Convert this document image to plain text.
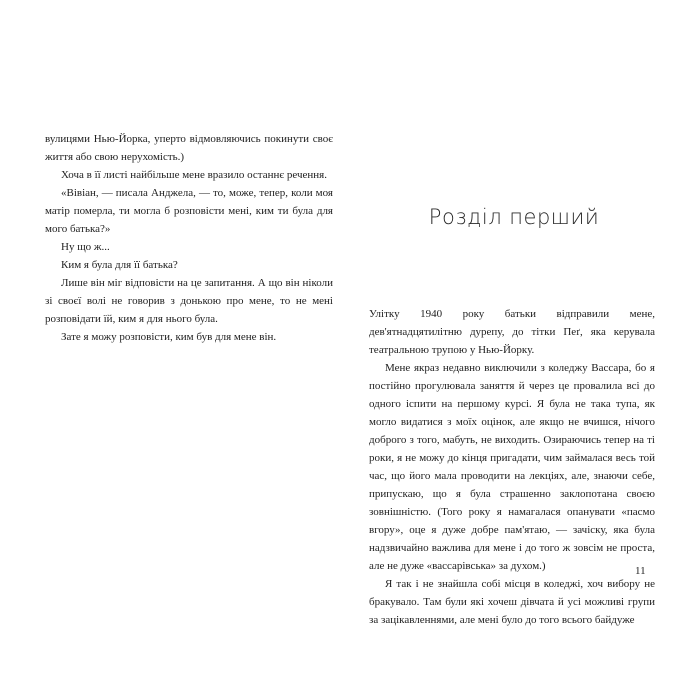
вулицями Нью-Йорка, уперто відмовляючись покинути своє життя або свою нерухомість.)

Хоча в її листі найбільше мене вразило останнє речення.

«Вівіан, — писала Анджела, — то, може, тепер, коли моя матір померла, ти могла б розповісти мені, ким ти була для мого батька?»

Ну що ж...

Ким я була для її батька?

Лише він міг відповісти на це запитання. А що він ніколи зі своєї волі не говорив з донькою про мене, то не мені розповідати їй, ким я для нього була.

Зате я можу розповісти, ким був для мене він.

Розділ перший

Улітку 1940 року батьки відправили мене, дев'ятнадцятилітню дурепу, до тітки Пеґ, яка керувала театральною трупою у Нью-Йорку.

Мене якраз недавно виключили з коледжу Вассара, бо я постійно прогулювала заняття й через це провалила всі до одного іспити на першому курсі. Я була не така тупа, як могло видатися з моїх оцінок, але якщо не вчишся, нічого доброго з того, мабуть, не виходить. Озираючись тепер на ті роки, я не можу до кінця пригадати, чим займалася весь той час, що його мала проводити на лекціях, але, знаючи себе, припускаю, що я була страшенно заклопотана своєю зовнішністю. (Того року я намагалася опанувати «пасмо вгору», оце я дуже добре пам'ятаю, — зачіску, яка була надзвичайно важлива для мене і до того ж зовсім не проста, але не дуже «вассарівська» за духом.)

Я так і не знайшла собі місця в коледжі, хоч вибору не бракувало. Там були які хочеш дівчата й усі можливі групи за зацікавленнями, але мені було до того всього байдуже

11
